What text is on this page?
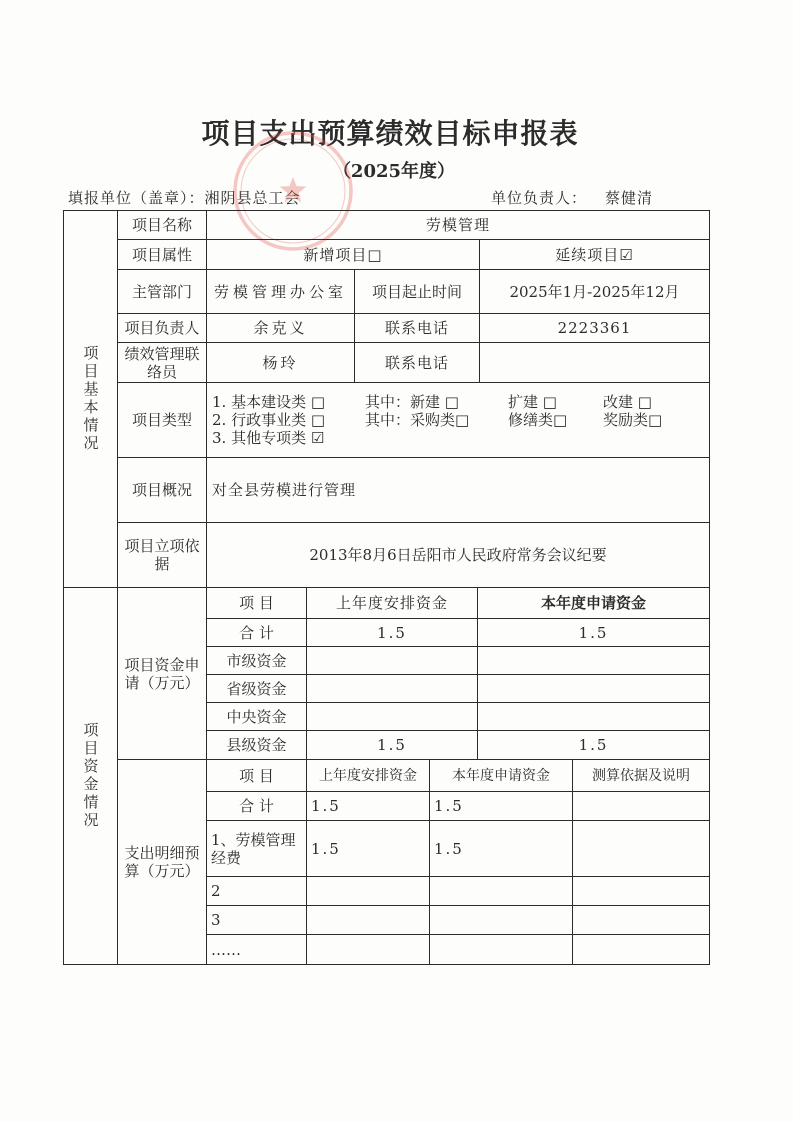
项目支出预算绩效目标申报表
（2025年度）
填报单位（盖章）：湘阴县总工会	单位负责人： 蔡健清
项目基本情况
项目名称	劳模管理
项目属性	新增项目□	延续项目☑
主管部门	劳模管理办公室	项目起止时间	2025年1月-2025年12月
项目负责人	余克义	联系电话	2223361
绩效管理联络员	杨玲	联系电话
项目类型
1. 基本建设类 □	其中：新建 □	扩建 □	改建 □
2. 行政事业类 □	其中：采购类□	修缮类□	奖励类□
3. 其他专项类 ☑
项目概况	对全县劳模进行管理
项目立项依据	2013年8月6日岳阳市人民政府常务会议纪要
项目资金情况
项目资金申请（万元）
项 目	上年度安排资金	本年度申请资金
合 计	1.5	1.5
市级资金
省级资金
中央资金
县级资金	1.5	1.5
支出明细预算（万元）
项 目	上年度安排资金	本年度申请资金	测算依据及说明
合 计	1.5	1.5
1、劳模管理经费	1.5	1.5
2
3
……
